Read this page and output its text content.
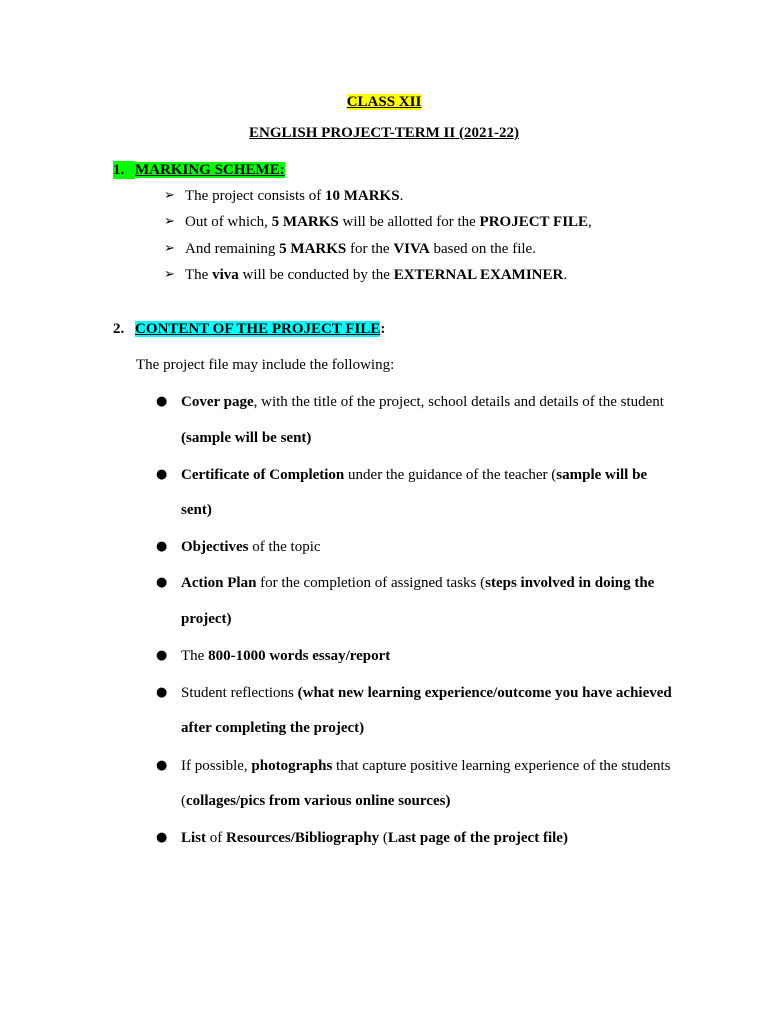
CLASS XII
ENGLISH PROJECT-TERM II (2021-22)
1. MARKING SCHEME:
➢ The project consists of 10 MARKS.
➢ Out of which, 5 MARKS will be allotted for the PROJECT FILE,
➢ And remaining 5 MARKS for the VIVA based on the file.
➢ The viva will be conducted by the EXTERNAL EXAMINER.
2. CONTENT OF THE PROJECT FILE:
The project file may include the following:
● Cover page, with the title of the project, school details and details of the student
(sample will be sent)
● Certificate of Completion under the guidance of the teacher (sample will be
sent)
● Objectives of the topic
● Action Plan for the completion of assigned tasks (steps involved in doing the
project)
● The 800-1000 words essay/report
● Student reflections (what new learning experience/outcome you have achieved
after completing the project)
● If possible, photographs that capture positive learning experience of the students
(collages/pics from various online sources)
● List of Resources/Bibliography (Last page of the project file)
